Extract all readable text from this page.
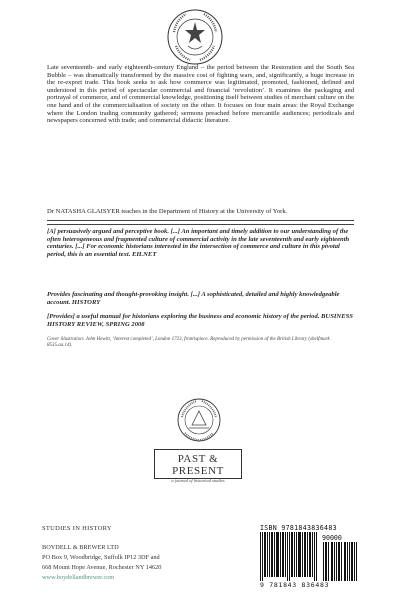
Late seventeenth- and early eighteenth-century England – the period between the Restoration and the South Sea Bubble – was dramatically transformed by the massive cost of fighting wars, and, significantly, a huge increase in the re-export trade. This book seeks to ask how commerce was legitimated, promoted, fashioned, defined and understood in this period of spectacular commercial and financial ‘revolution’. It examines the packaging and portrayal of commerce, and of commercial knowledge, positioning itself between studies of merchant culture on the one hand and of the commercialisation of society on the other. It focuses on four main areas: the Royal Exchange where the London trading community gathered; sermons preached before mercantile audiences; periodicals and newspapers concerned with trade; and commercial didactic literature.

Dr NATASHA GLAISYER teaches in the Department of History at the University of York.

[A] persuasively argued and perceptive book. [...] An important and timely addition to our understanding of the often heterogeneous and fragmented culture of commercial activity in the late seventeenth and early eighteenth centuries. [...] For economic historians interested in the intersection of commerce and culture in this pivotal period, this is an essential text. EH.NET

Provides fascinating and thought-provoking insight. [...] A sophisticated, detailed and highly knowledgeable account. HISTORY

[Provides] a useful manual for historians exploring the business and economic history of the period. BUSINESS HISTORY REVIEW, SPRING 2008

Cover illustration: John Hewitt, ‘Interest completed’, London 1723, frontispiece. Reproduced by permission of the British Library (shelfmark 8535.aa.14).

PAST & PRESENT
a journal of historical studies
STUDIES IN HISTORY
BOYDELL & BREWER LTD
PO Box 9, Woodbridge, Suffolk IP12 3DF and
668 Mount Hope Avenue, Rochester NY 14620
www.boydellandbrewer.com
ISBN 9781843836483
90000
9 781843 836483
